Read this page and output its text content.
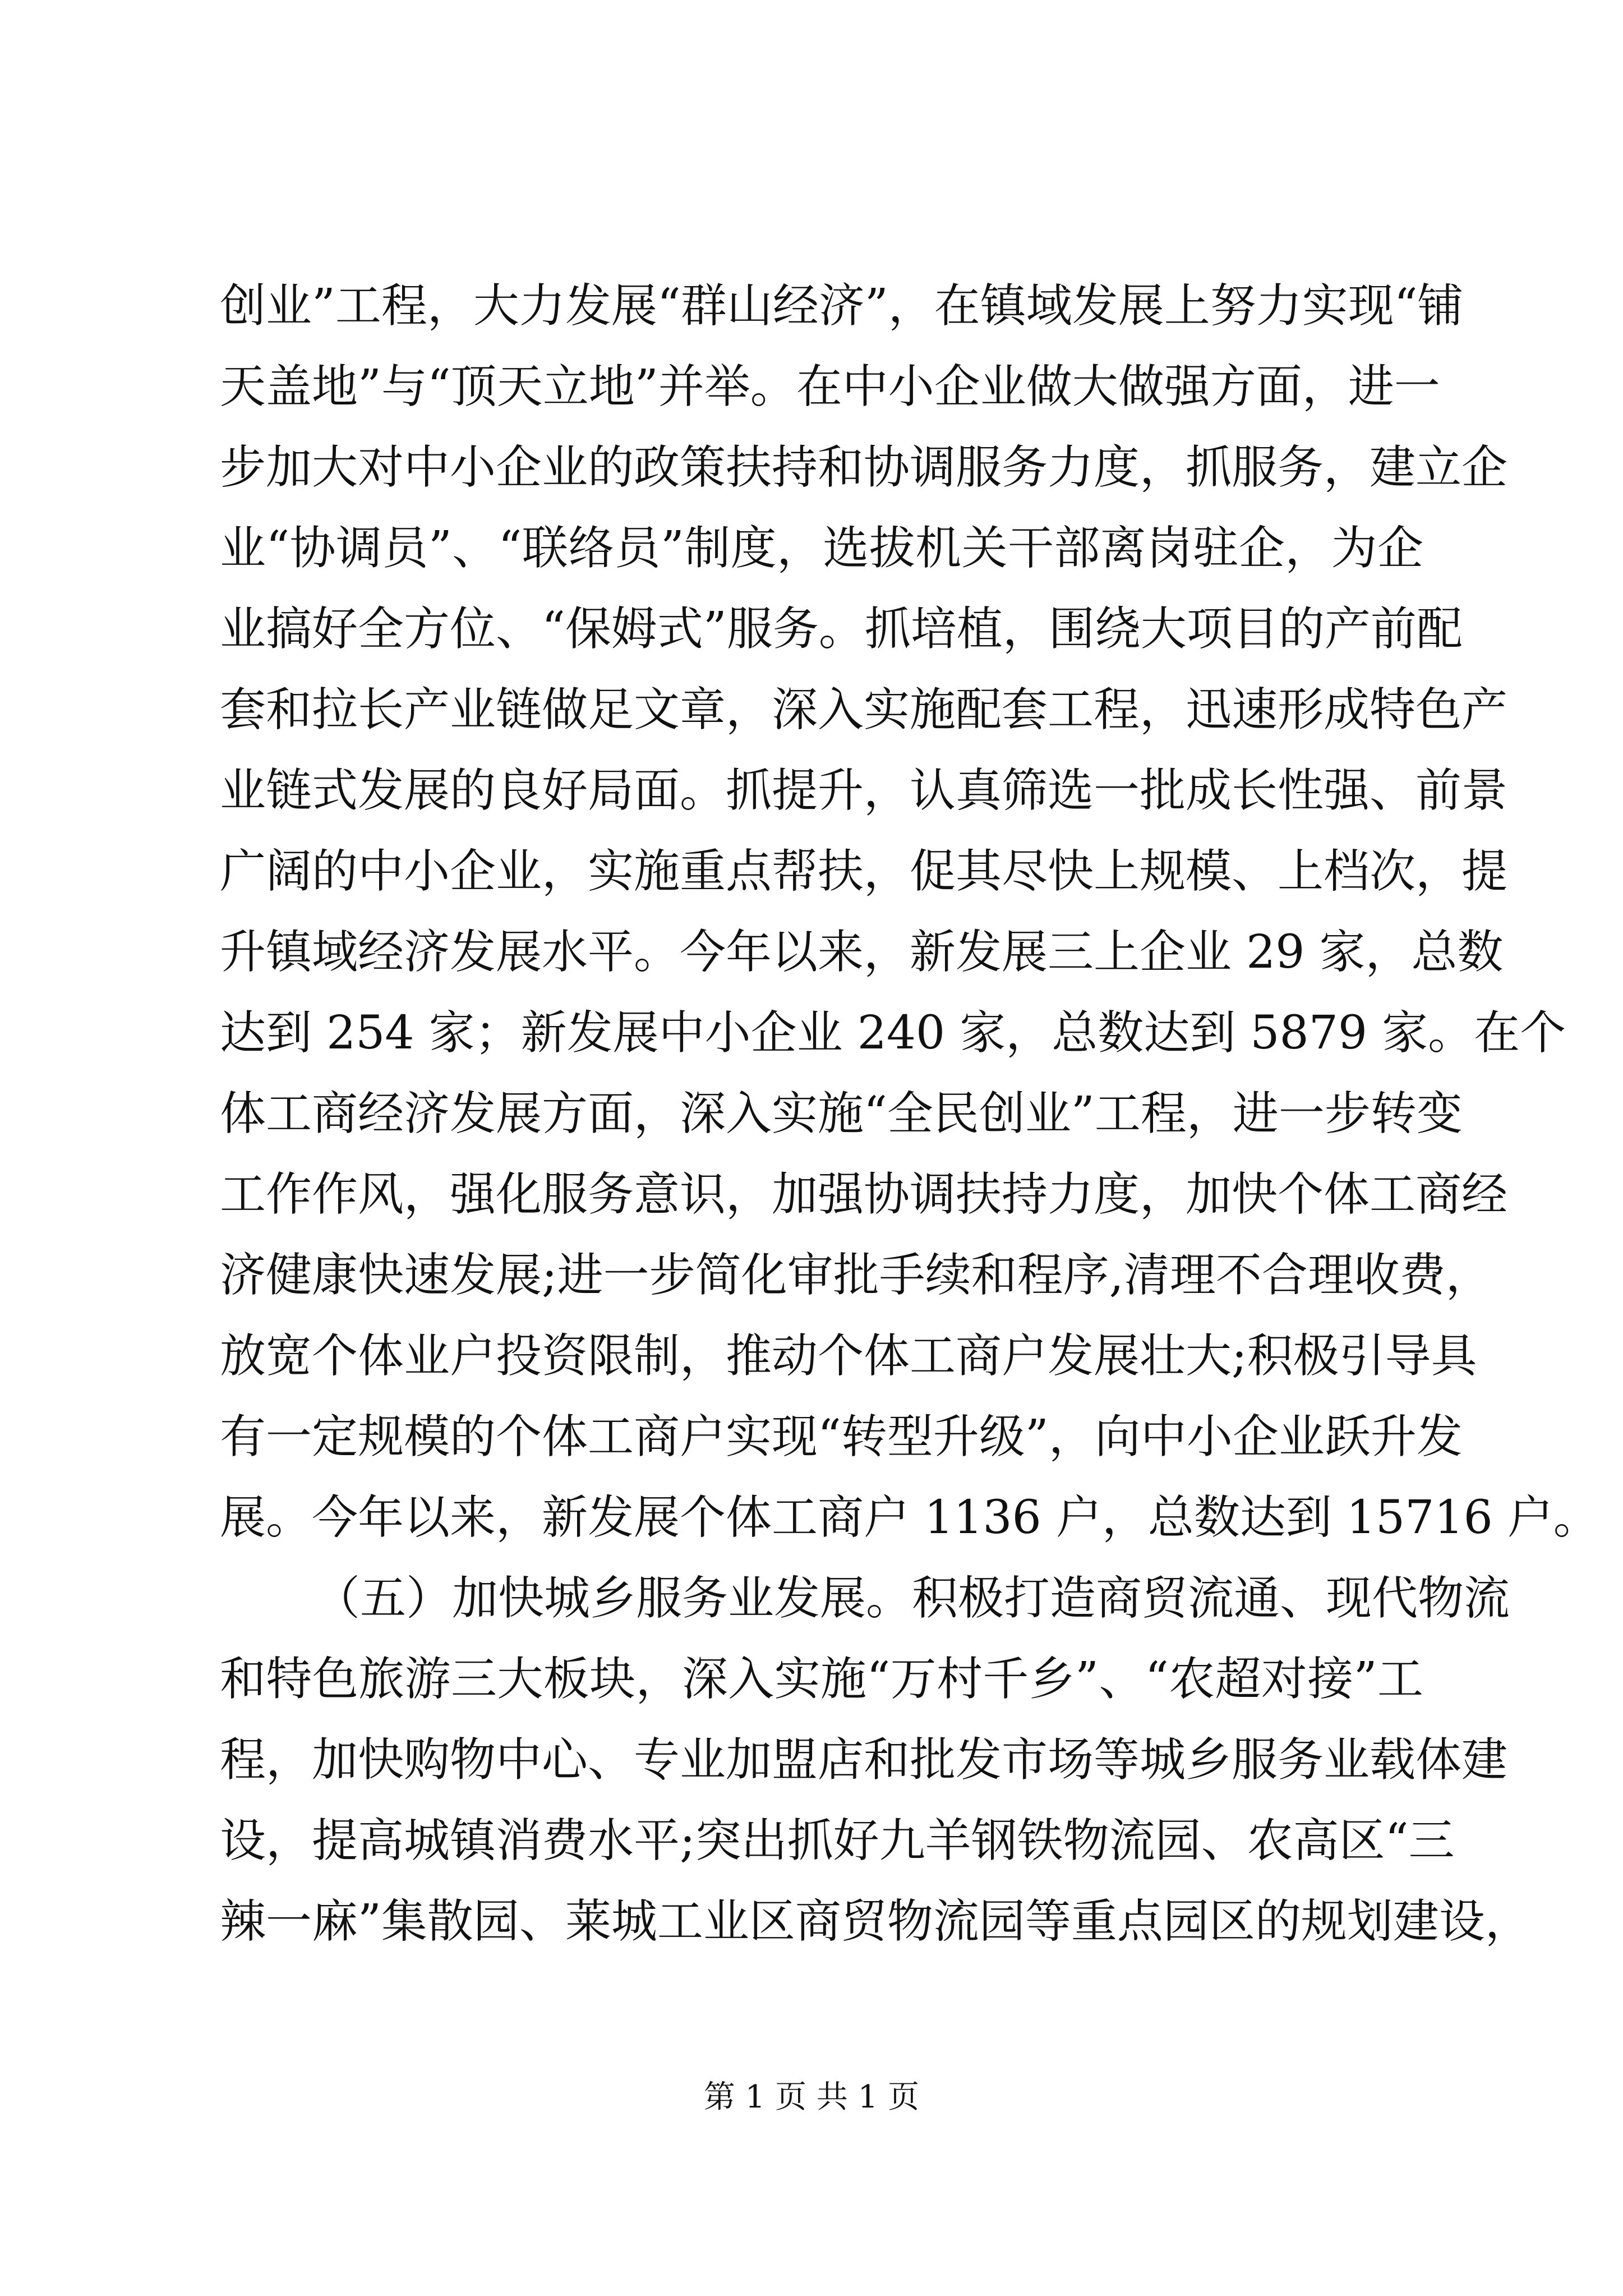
创业”工程，大力发展“群山经济”，在镇域发展上努力实现“铺
天盖地”与“顶天立地”并举。在中小企业做大做强方面，进一
步加大对中小企业的政策扶持和协调服务力度，抓服务，建立企
业“协调员”、“联络员”制度，选拔机关干部离岗驻企，为企
业搞好全方位、“保姆式”服务。抓培植，围绕大项目的产前配
套和拉长产业链做足文章，深入实施配套工程，迅速形成特色产
业链式发展的良好局面。抓提升，认真筛选一批成长性强、前景
广阔的中小企业，实施重点帮扶，促其尽快上规模、上档次，提
升镇域经济发展水平。今年以来，新发展三上企业 29 家，总数
达到 254 家；新发展中小企业 240 家，总数达到 5879 家。在个
体工商经济发展方面，深入实施“全民创业”工程，进一步转变
工作作风，强化服务意识，加强协调扶持力度，加快个体工商经
济健康快速发展;进一步简化审批手续和程序,清理不合理收费，
放宽个体业户投资限制，推动个体工商户发展壮大;积极引导具
有一定规模的个体工商户实现“转型升级”，向中小企业跃升发
展。今年以来，新发展个体工商户 1136 户，总数达到 15716 户。
（五）加快城乡服务业发展。积极打造商贸流通、现代物流
和特色旅游三大板块，深入实施“万村千乡”、“农超对接”工
程，加快购物中心、专业加盟店和批发市场等城乡服务业载体建
设，提高城镇消费水平;突出抓好九羊钢铁物流园、农高区“三
辣一麻”集散园、莱城工业区商贸物流园等重点园区的规划建设，
第 1 页 共 1 页
